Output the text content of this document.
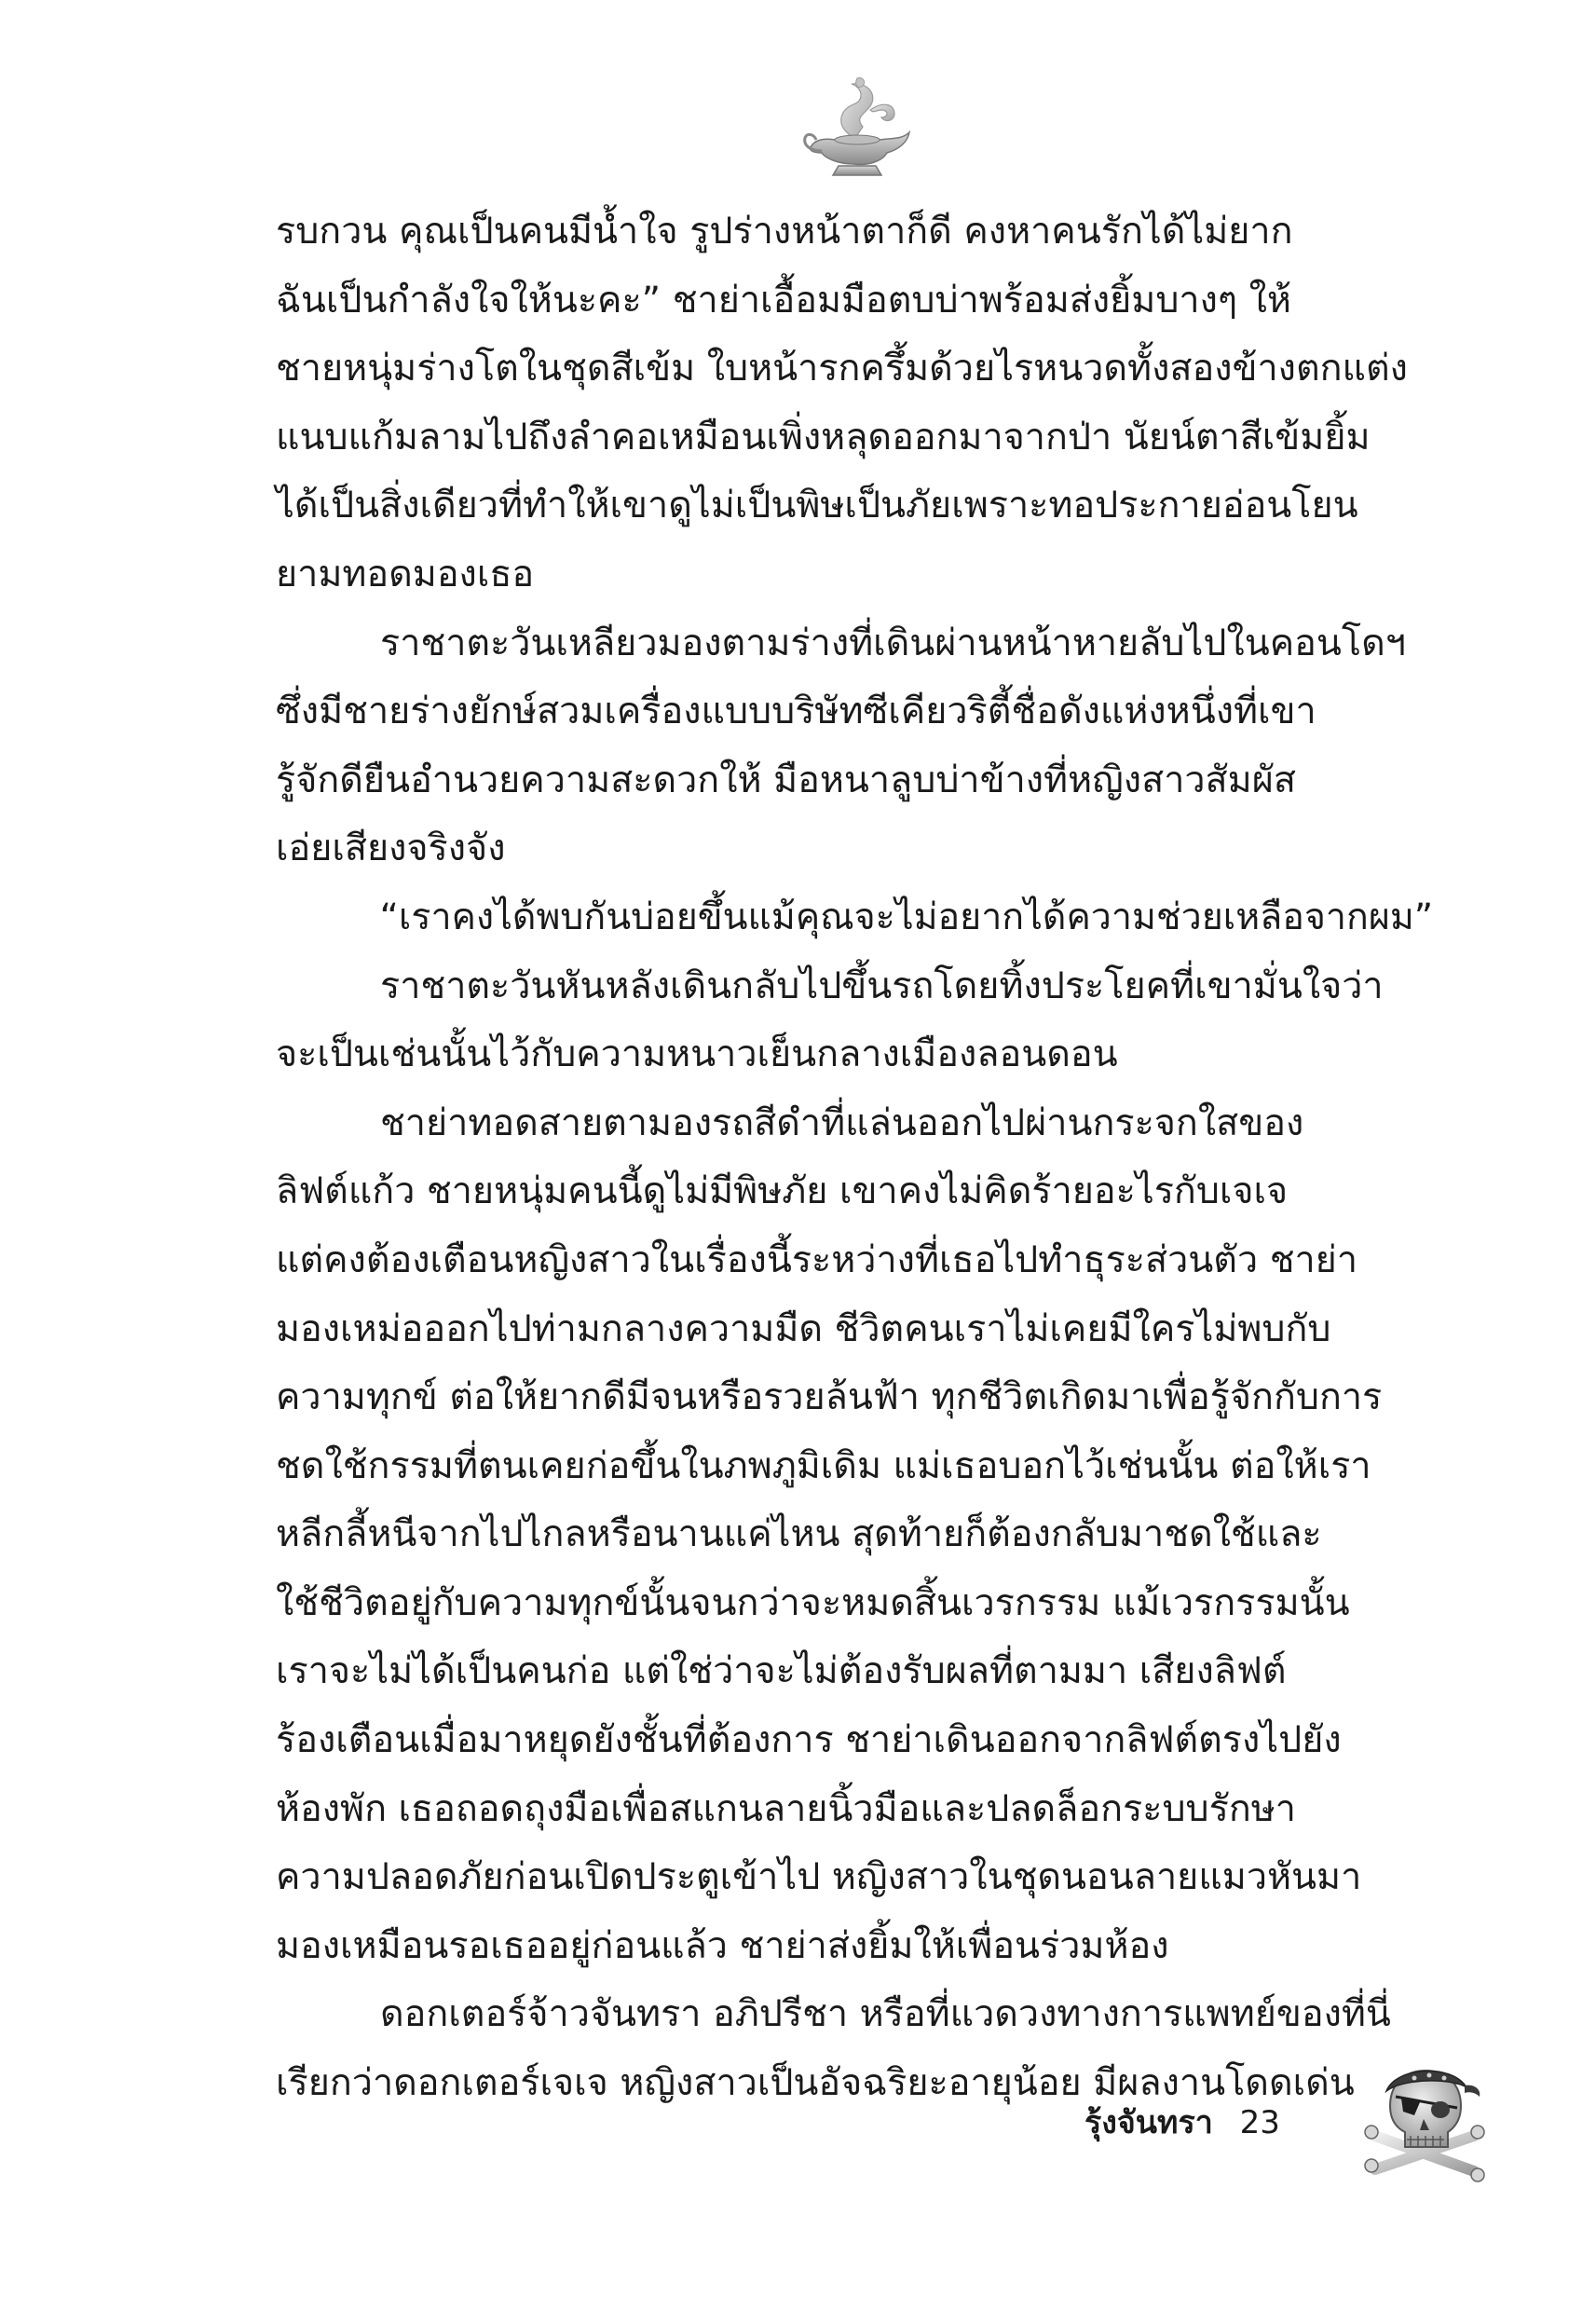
รบกวน คุณเป็นคนมีน้ำใจ รูปร่างหน้าตาก็ดี คงหาคนรักได้ไม่ยาก
ฉันเป็นกำลังใจให้นะคะ” ชาย่าเอื้อมมือตบบ่าพร้อมส่งยิ้มบางๆ ให้
ชายหนุ่มร่างโตในชุดสีเข้ม ใบหน้ารกครึ้มด้วยไรหนวดทั้งสองข้างตกแต่ง
แนบแก้มลามไปถึงลำคอเหมือนเพิ่งหลุดออกมาจากป่า นัยน์ตาสีเข้มยิ้ม
ได้เป็นสิ่งเดียวที่ทำให้เขาดูไม่เป็นพิษเป็นภัยเพราะทอประกายอ่อนโยน
ยามทอดมองเธอ
ราชาตะวันเหลียวมองตามร่างที่เดินผ่านหน้าหายลับไปในคอนโดฯ
ซึ่งมีชายร่างยักษ์สวมเครื่องแบบบริษัทซีเคียวริตี้ชื่อดังแห่งหนึ่งที่เขา
รู้จักดียืนอำนวยความสะดวกให้ มือหนาลูบบ่าข้างที่หญิงสาวสัมผัส
เอ่ยเสียงจริงจัง
“เราคงได้พบกันบ่อยขึ้นแม้คุณจะไม่อยากได้ความช่วยเหลือจากผม”
ราชาตะวันหันหลังเดินกลับไปขึ้นรถโดยทิ้งประโยคที่เขามั่นใจว่า
จะเป็นเช่นนั้นไว้กับความหนาวเย็นกลางเมืองลอนดอน
ชาย่าทอดสายตามองรถสีดำที่แล่นออกไปผ่านกระจกใสของ
ลิฟต์แก้ว ชายหนุ่มคนนี้ดูไม่มีพิษภัย เขาคงไม่คิดร้ายอะไรกับเจเจ
แต่คงต้องเตือนหญิงสาวในเรื่องนี้ระหว่างที่เธอไปทำธุระส่วนตัว ชาย่า
มองเหม่อออกไปท่ามกลางความมืด ชีวิตคนเราไม่เคยมีใครไม่พบกับ
ความทุกข์ ต่อให้ยากดีมีจนหรือรวยล้นฟ้า ทุกชีวิตเกิดมาเพื่อรู้จักกับการ
ชดใช้กรรมที่ตนเคยก่อขึ้นในภพภูมิเดิม แม่เธอบอกไว้เช่นนั้น ต่อให้เรา
หลีกลี้หนีจากไปไกลหรือนานแค่ไหน สุดท้ายก็ต้องกลับมาชดใช้และ
ใช้ชีวิตอยู่กับความทุกข์นั้นจนกว่าจะหมดสิ้นเวรกรรม แม้เวรกรรมนั้น
เราจะไม่ได้เป็นคนก่อ แต่ใช่ว่าจะไม่ต้องรับผลที่ตามมา เสียงลิฟต์
ร้องเตือนเมื่อมาหยุดยังชั้นที่ต้องการ ชาย่าเดินออกจากลิฟต์ตรงไปยัง
ห้องพัก เธอถอดถุงมือเพื่อสแกนลายนิ้วมือและปลดล็อกระบบรักษา
ความปลอดภัยก่อนเปิดประตูเข้าไป หญิงสาวในชุดนอนลายแมวหันมา
มองเหมือนรอเธออยู่ก่อนแล้ว ชาย่าส่งยิ้มให้เพื่อนร่วมห้อง
ดอกเตอร์จ้าวจันทรา อภิปรีชา หรือที่แวดวงทางการแพทย์ของที่นี่
เรียกว่าดอกเตอร์เจเจ หญิงสาวเป็นอัจฉริยะอายุน้อย มีผลงานโดดเด่น
รุ้งจันทรา 23
